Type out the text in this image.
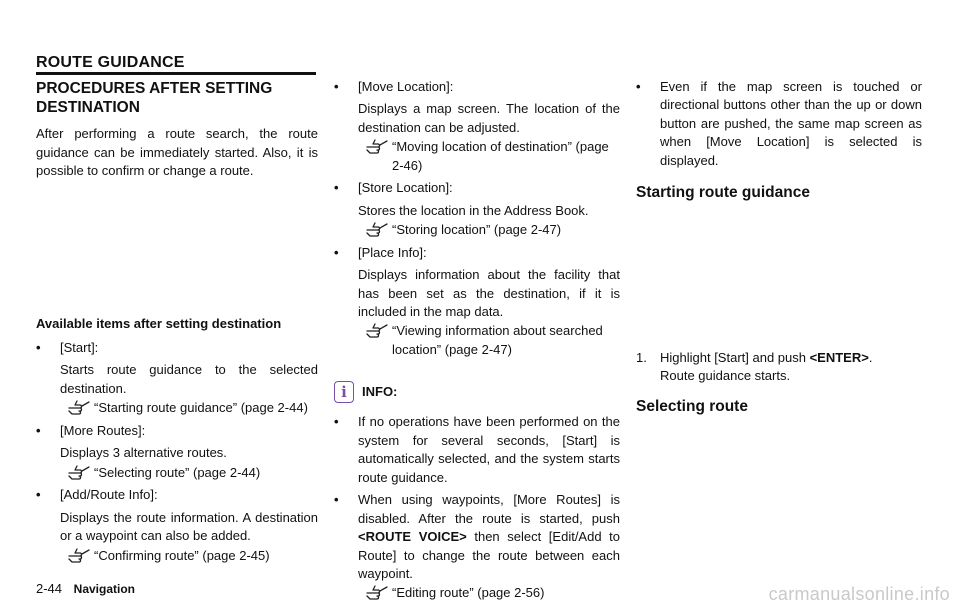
ROUTE GUIDANCE
PROCEDURES AFTER SETTING DESTINATION

After performing a route search, the route guidance can be immediately started. Also, it is possible to confirm or change a route.

Available items after setting destination
• [Start]:
Starts route guidance to the selected destination.
“Starting route guidance” (page 2-44)
• [More Routes]:
Displays 3 alternative routes.
“Selecting route” (page 2-44)
• [Add/Route Info]:
Displays the route information. A destination or a waypoint can also be added.
“Confirming route” (page 2-45)
• [Move Location]:
Displays a map screen. The location of the destination can be adjusted.
“Moving location of destination” (page 2-46)
• [Store Location]:
Stores the location in the Address Book.
“Storing location” (page 2-47)
• [Place Info]:
Displays information about the facility that has been set as the destination, if it is included in the map data.
“Viewing information about searched location” (page 2-47)
i	INFO:
• If no operations have been performed on the system for several seconds, [Start] is automatically selected, and the system starts route guidance.
• When using waypoints, [More Routes] is disabled. After the route is started, push <ROUTE VOICE> then select [Edit/Add to Route] to change the route between each waypoint.
“Editing route” (page 2-56)
• Even if the map screen is touched or directional buttons other than the up or down button are pushed, the same map screen as when [Move Location] is selected is displayed.
Starting route guidance
1. Highlight [Start] and push <ENTER>.
Route guidance starts.
Selecting route
2-44 Navigation	carmanualsonline.info
